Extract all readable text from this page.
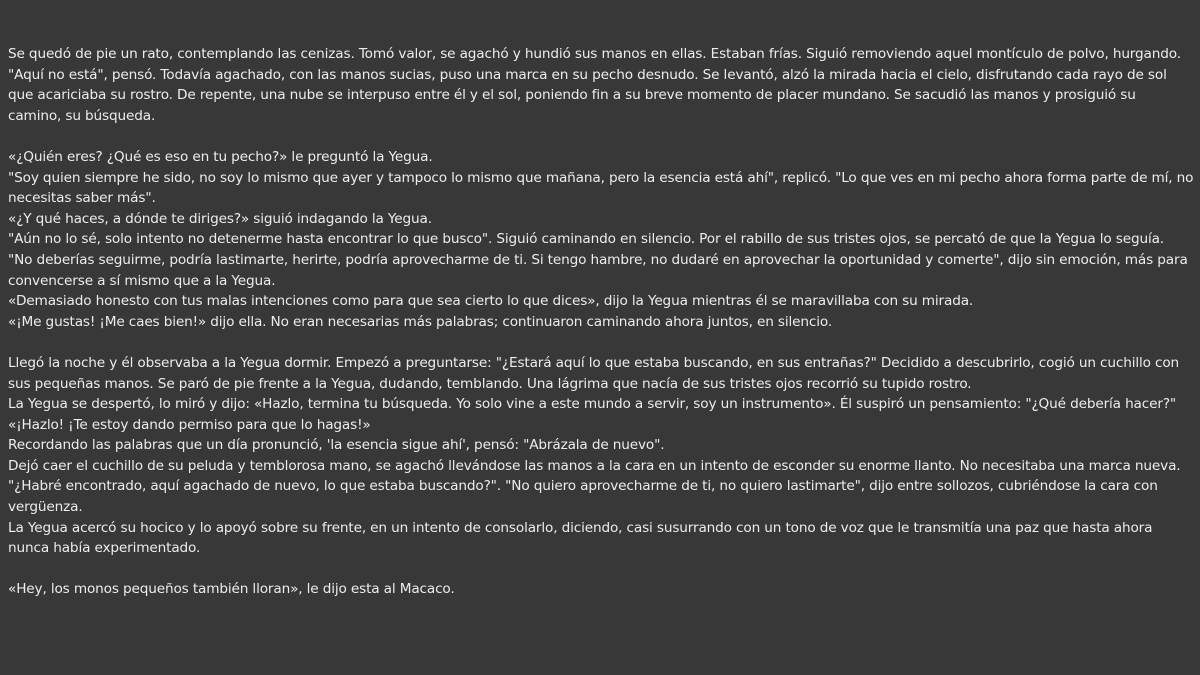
Se quedó de pie un rato, contemplando las cenizas. Tomó valor, se agachó y hundió sus manos en ellas. Estaban frías. Siguió removiendo aquel montículo de polvo, hurgando.
"Aquí no está", pensó. Todavía agachado, con las manos sucias, puso una marca en su pecho desnudo. Se levantó, alzó la mirada hacia el cielo, disfrutando cada rayo de sol
que acariciaba su rostro. De repente, una nube se interpuso entre él y el sol, poniendo fin a su breve momento de placer mundano. Se sacudió las manos y prosiguió su
camino, su búsqueda.

«¿Quién eres? ¿Qué es eso en tu pecho?» le preguntó la Yegua.
"Soy quien siempre he sido, no soy lo mismo que ayer y tampoco lo mismo que mañana, pero la esencia está ahí", replicó. "Lo que ves en mi pecho ahora forma parte de mí, no
necesitas saber más".
«¿Y qué haces, a dónde te diriges?» siguió indagando la Yegua.
"Aún no lo sé, solo intento no detenerme hasta encontrar lo que busco". Siguió caminando en silencio. Por el rabillo de sus tristes ojos, se percató de que la Yegua lo seguía.
"No deberías seguirme, podría lastimarte, herirte, podría aprovecharme de ti. Si tengo hambre, no dudaré en aprovechar la oportunidad y comerte", dijo sin emoción, más para
convencerse a sí mismo que a la Yegua.
«Demasiado honesto con tus malas intenciones como para que sea cierto lo que dices», dijo la Yegua mientras él se maravillaba con su mirada.
«¡Me gustas! ¡Me caes bien!» dijo ella. No eran necesarias más palabras; continuaron caminando ahora juntos, en silencio.

Llegó la noche y él observaba a la Yegua dormir. Empezó a preguntarse: "¿Estará aquí lo que estaba buscando, en sus entrañas?" Decidido a descubrirlo, cogió un cuchillo con
sus pequeñas manos. Se paró de pie frente a la Yegua, dudando, temblando. Una lágrima que nacía de sus tristes ojos recorrió su tupido rostro.
La Yegua se despertó, lo miró y dijo: «Hazlo, termina tu búsqueda. Yo solo vine a este mundo a servir, soy un instrumento». Él suspiró un pensamiento: "¿Qué debería hacer?"
«¡Hazlo! ¡Te estoy dando permiso para que lo hagas!»
Recordando las palabras que un día pronunció, 'la esencia sigue ahí', pensó: "Abrázala de nuevo".
Dejó caer el cuchillo de su peluda y temblorosa mano, se agachó llevándose las manos a la cara en un intento de esconder su enorme llanto. No necesitaba una marca nueva.
"¿Habré encontrado, aquí agachado de nuevo, lo que estaba buscando?". "No quiero aprovecharme de ti, no quiero lastimarte", dijo entre sollozos, cubriéndose la cara con
vergüenza.
La Yegua acercó su hocico y lo apoyó sobre su frente, en un intento de consolarlo, diciendo, casi susurrando con un tono de voz que le transmitía una paz que hasta ahora
nunca había experimentado.

«Hey, los monos pequeños también lloran», le dijo esta al Macaco.
